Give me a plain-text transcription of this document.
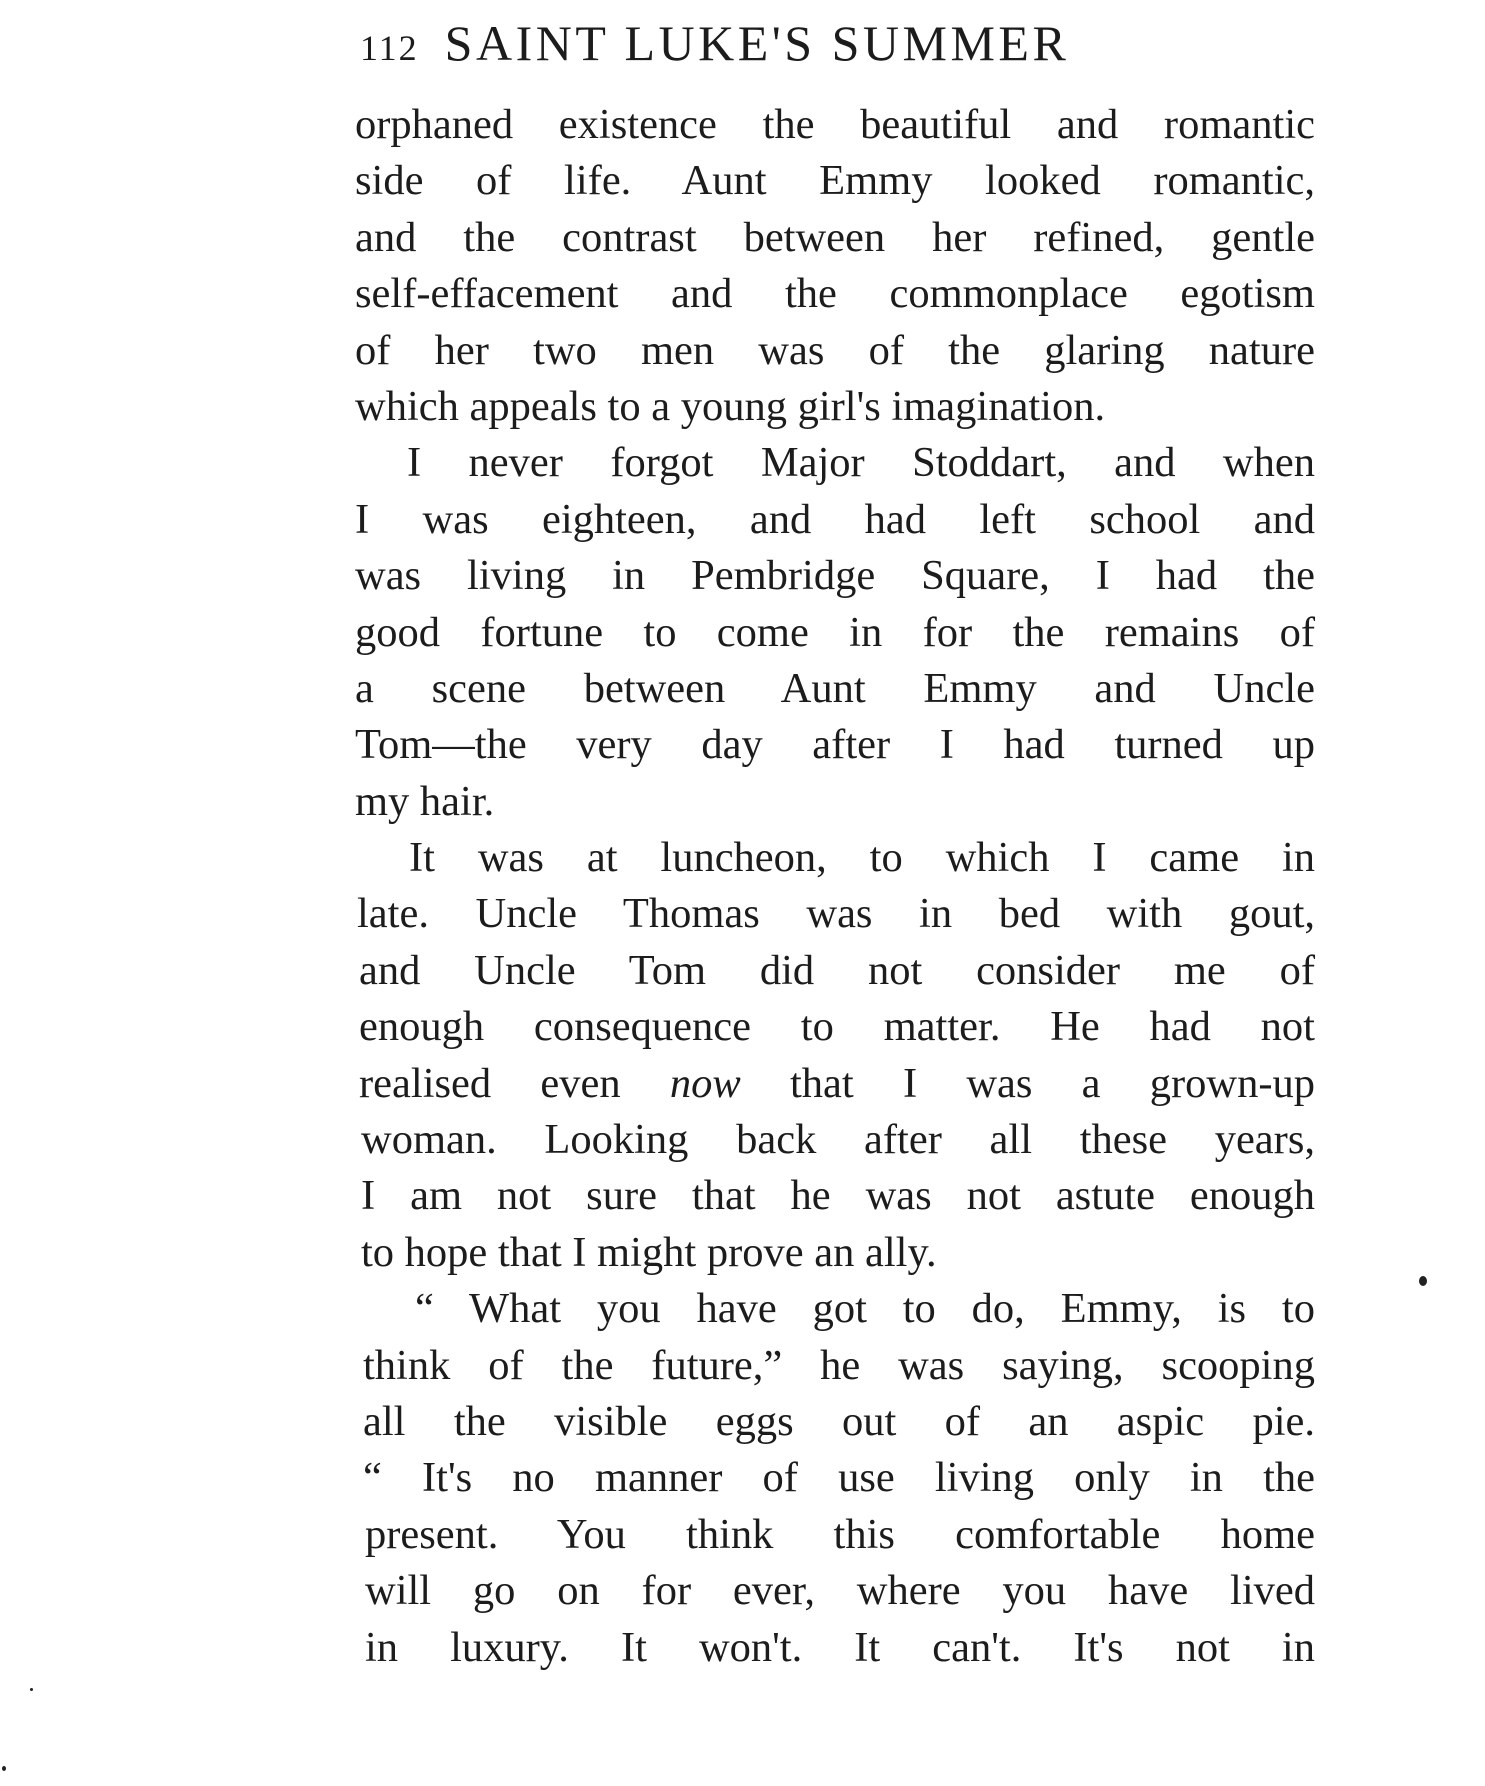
112 SAINT LUKE'S SUMMER
orphaned existence the beautiful and romantic
side of life. Aunt Emmy looked romantic,
and the contrast between her refined, gentle
self-effacement and the commonplace egotism
of her two men was of the glaring nature
which appeals to a young girl's imagination.
I never forgot Major Stoddart, and when
I was eighteen, and had left school and
was living in Pembridge Square, I had the
good fortune to come in for the remains of
a scene between Aunt Emmy and Uncle
Tom—the very day after I had turned up
my hair.
It was at luncheon, to which I came in
late. Uncle Thomas was in bed with gout,
and Uncle Tom did not consider me of
enough consequence to matter. He had not
realised even now that I was a grown-up
woman. Looking back after all these years,
I am not sure that he was not astute enough
to hope that I might prove an ally.
“ What you have got to do, Emmy, is to
think of the future,” he was saying, scooping
all the visible eggs out of an aspic pie.
“ It's no manner of use living only in the
present. You think this comfortable home
will go on for ever, where you have lived
in luxury. It won't. It can't. It's not in
